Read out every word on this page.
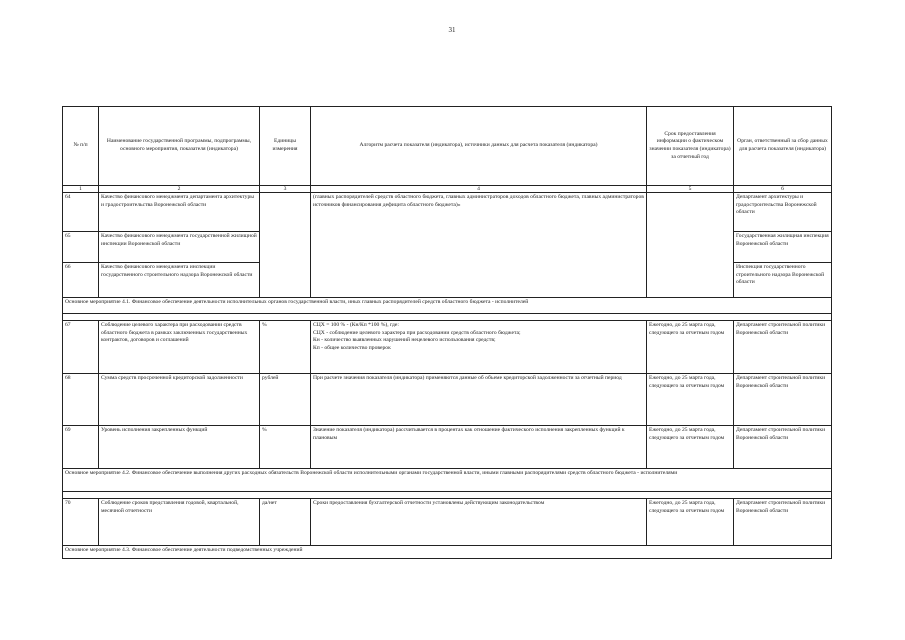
31
№ п/п	Наименование государственной программы, подпрограммы, основного мероприятия, показателя (индикатора)	Единицы измерения	Алгоритм расчета показателя (индикатора), источники данных для расчета показателя (индикатора)	Срок предоставления информации о фактическом значении показателя (индикатора) за отчетный год	Орган, ответственный за сбор данных для расчета показателя (индикатора)
1	2	3	4	5	6
64	Качество финансового менеджмента департамента архитектуры и градостроительства Воронежской области		(главных распорядителей средств областного бюджета, главных администраторов доходов областного бюджета, главных администраторов источников финансирования дефицита областного бюджета)»		Департамент архитектуры и градостроительства Воронежской области
65	Качество финансового менеджмента государственной жилищной инспекции Воронежской области				Государственная жилищная инспекция Воронежской области
66	Качество финансового менеджмента инспекции государственного строительного надзора Воронежской области				Инспекция государственного строительного надзора Воронежской области
Основное мероприятие 4.1. Финансовое обеспечение деятельности исполнительных органов государственной власти, иных главных распорядителей средств областного бюджета - исполнителей					

67	Соблюдение целевого характера при расходовании средств областного бюджета в рамках заключенных государственных контрактов, договоров и соглашений	%	СЦХ = 100 % - (Кн/Кп *100 %), где:
СЦХ - соблюдение целевого характера при расходовании средств областного бюджета;
Кн - количество выявленных нарушений нецелевого использования средств;
Кп - общее количество проверок	Ежегодно, до 25 марта года, следующего за отчетным годом	Департамент строительной политики Воронежской области
68	Сумма средств просроченной кредиторской задолженности	рублей	При расчете значения показателя (индикатора) применяются данные об объеме кредиторской задолженности за отчетный период	Ежегодно, до 25 марта года, следующего за отчетным годом	Департамент строительной политики Воронежской области
69	Уровень исполнения закрепленных функций	%	Значение показателя (индикатора) рассчитывается в процентах как отношение фактического исполнения закрепленных функций к плановым	Ежегодно, до 25 марта года, следующего за отчетным годом	Департамент строительной политики Воронежской области
Основное мероприятие 4.2. Финансовое обеспечение выполнения других расходных обязательств Воронежской области исполнительными органами государственной власти, иными главными распорядителями средств областного бюджета - исполнителями					

70	Соблюдение сроков представления годовой, квартальной, месячной отчетности	да/нет	Сроки предоставления бухгалтерской отчетности установлены действующим законодательством	Ежегодно, до 25 марта года, следующего за отчетным годом	Департамент строительной политики Воронежской области
Основное мероприятие 4.3. Финансовое обеспечение деятельности подведомственных учреждений					
